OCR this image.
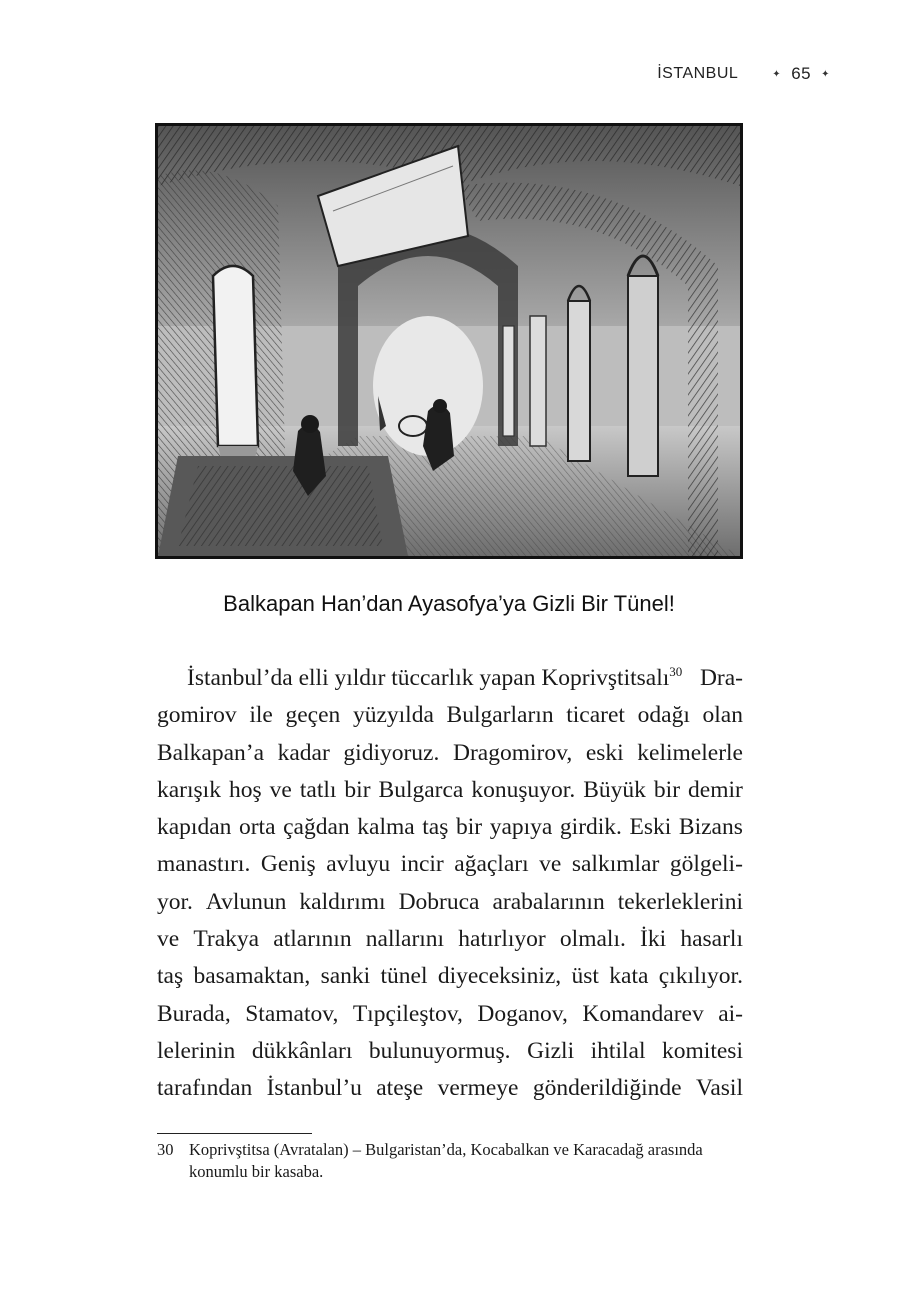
İSTANBUL	✦ 65 ✦
Balkapan Han’dan Ayasofya’ya Gizli Bir Tünel!
İstanbul’da elli yıldır tüccarlık yapan Koprivştitsalı$^{30}$ Dra-
gomirov ile geçen yüzyılda Bulgarların ticaret odağı olan
Balkapan’a kadar gidiyoruz. Dragomirov, eski kelimelerle
karışık hoş ve tatlı bir Bulgarca konuşuyor. Büyük bir demir
kapıdan orta çağdan kalma taş bir yapıya girdik. Eski Bizans
manastırı. Geniş avluyu incir ağaçları ve salkımlar gölgeli-
yor. Avlunun kaldırımı Dobruca arabalarının tekerleklerini
ve Trakya atlarının nallarını hatırlıyor olmalı. İki hasarlı
taş basamaktan, sanki tünel diyeceksiniz, üst kata çıkılıyor.
Burada, Stamatov, Tıpçileştov, Doganov, Komandarev ai-
lelerinin dükkânları bulunuyormuş. Gizli ihtilal komitesi
tarafından İstanbul’u ateşe vermeye gönderildiğinde Vasil
30 Koprivştitsa (Avratalan) – Bulgaristan’da, Kocabalkan ve Karacadağ arasında
konumlu bir kasaba.
